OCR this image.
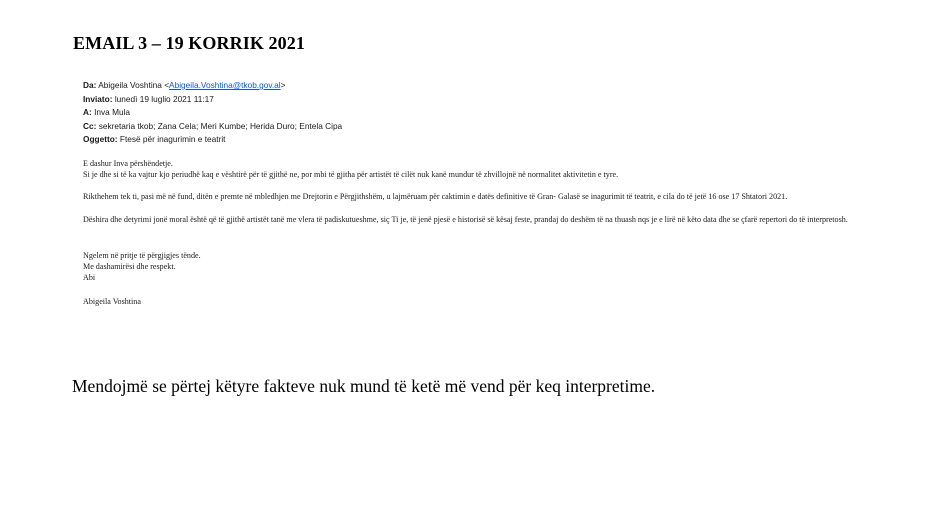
EMAIL 3 – 19 KORRIK 2021
Da: Abigeila Voshtina <Abigeila.Voshtina@tkob.gov.al>
Inviato: lunedì 19 luglio 2021 11:17
A: Inva Mula
Cc: sekretaria tkob; Zana Cela; Meri Kumbe; Herida Duro; Entela Cipa
Oggetto: Ftesë për inagurimin e teatrit

E dashur Inva përshëndetje.

Si je dhe si të ka vajtur kjo periudhë kaq e vështirë për të gjithë ne, por mbi të gjitha për artistët të cilët nuk kanë mundur të zhvillojnë në normalitet aktivitetin e tyre.

Rikthehem tek ti, pasi më në fund, ditën e premte në mbledhjen me Drejtorin e Përgjithshëm, u lajmëruam për caktimin e datës definitive të Gran- Galasë se inagurimit të teatrit, e cila do të jetë 16 ose 17 Shtatori 2021.

Dëshira dhe detyrimi jonë moral është që të gjithë artistët tanë me vlera të padiskutueshme, siç Ti je, të jenë pjesë e historisë së kësaj feste, prandaj do deshëm të na thuash nqs je e lirë në këto data dhe se çfarë repertori do të interpretosh.

Ngelem në pritje të përgjigjes tënde.

Me dashamirësi dhe respekt.

Abi

Abigeila Voshtina

Mendojmë se përtej këtyre fakteve nuk mund të ketë më vend për keq interpretime.
